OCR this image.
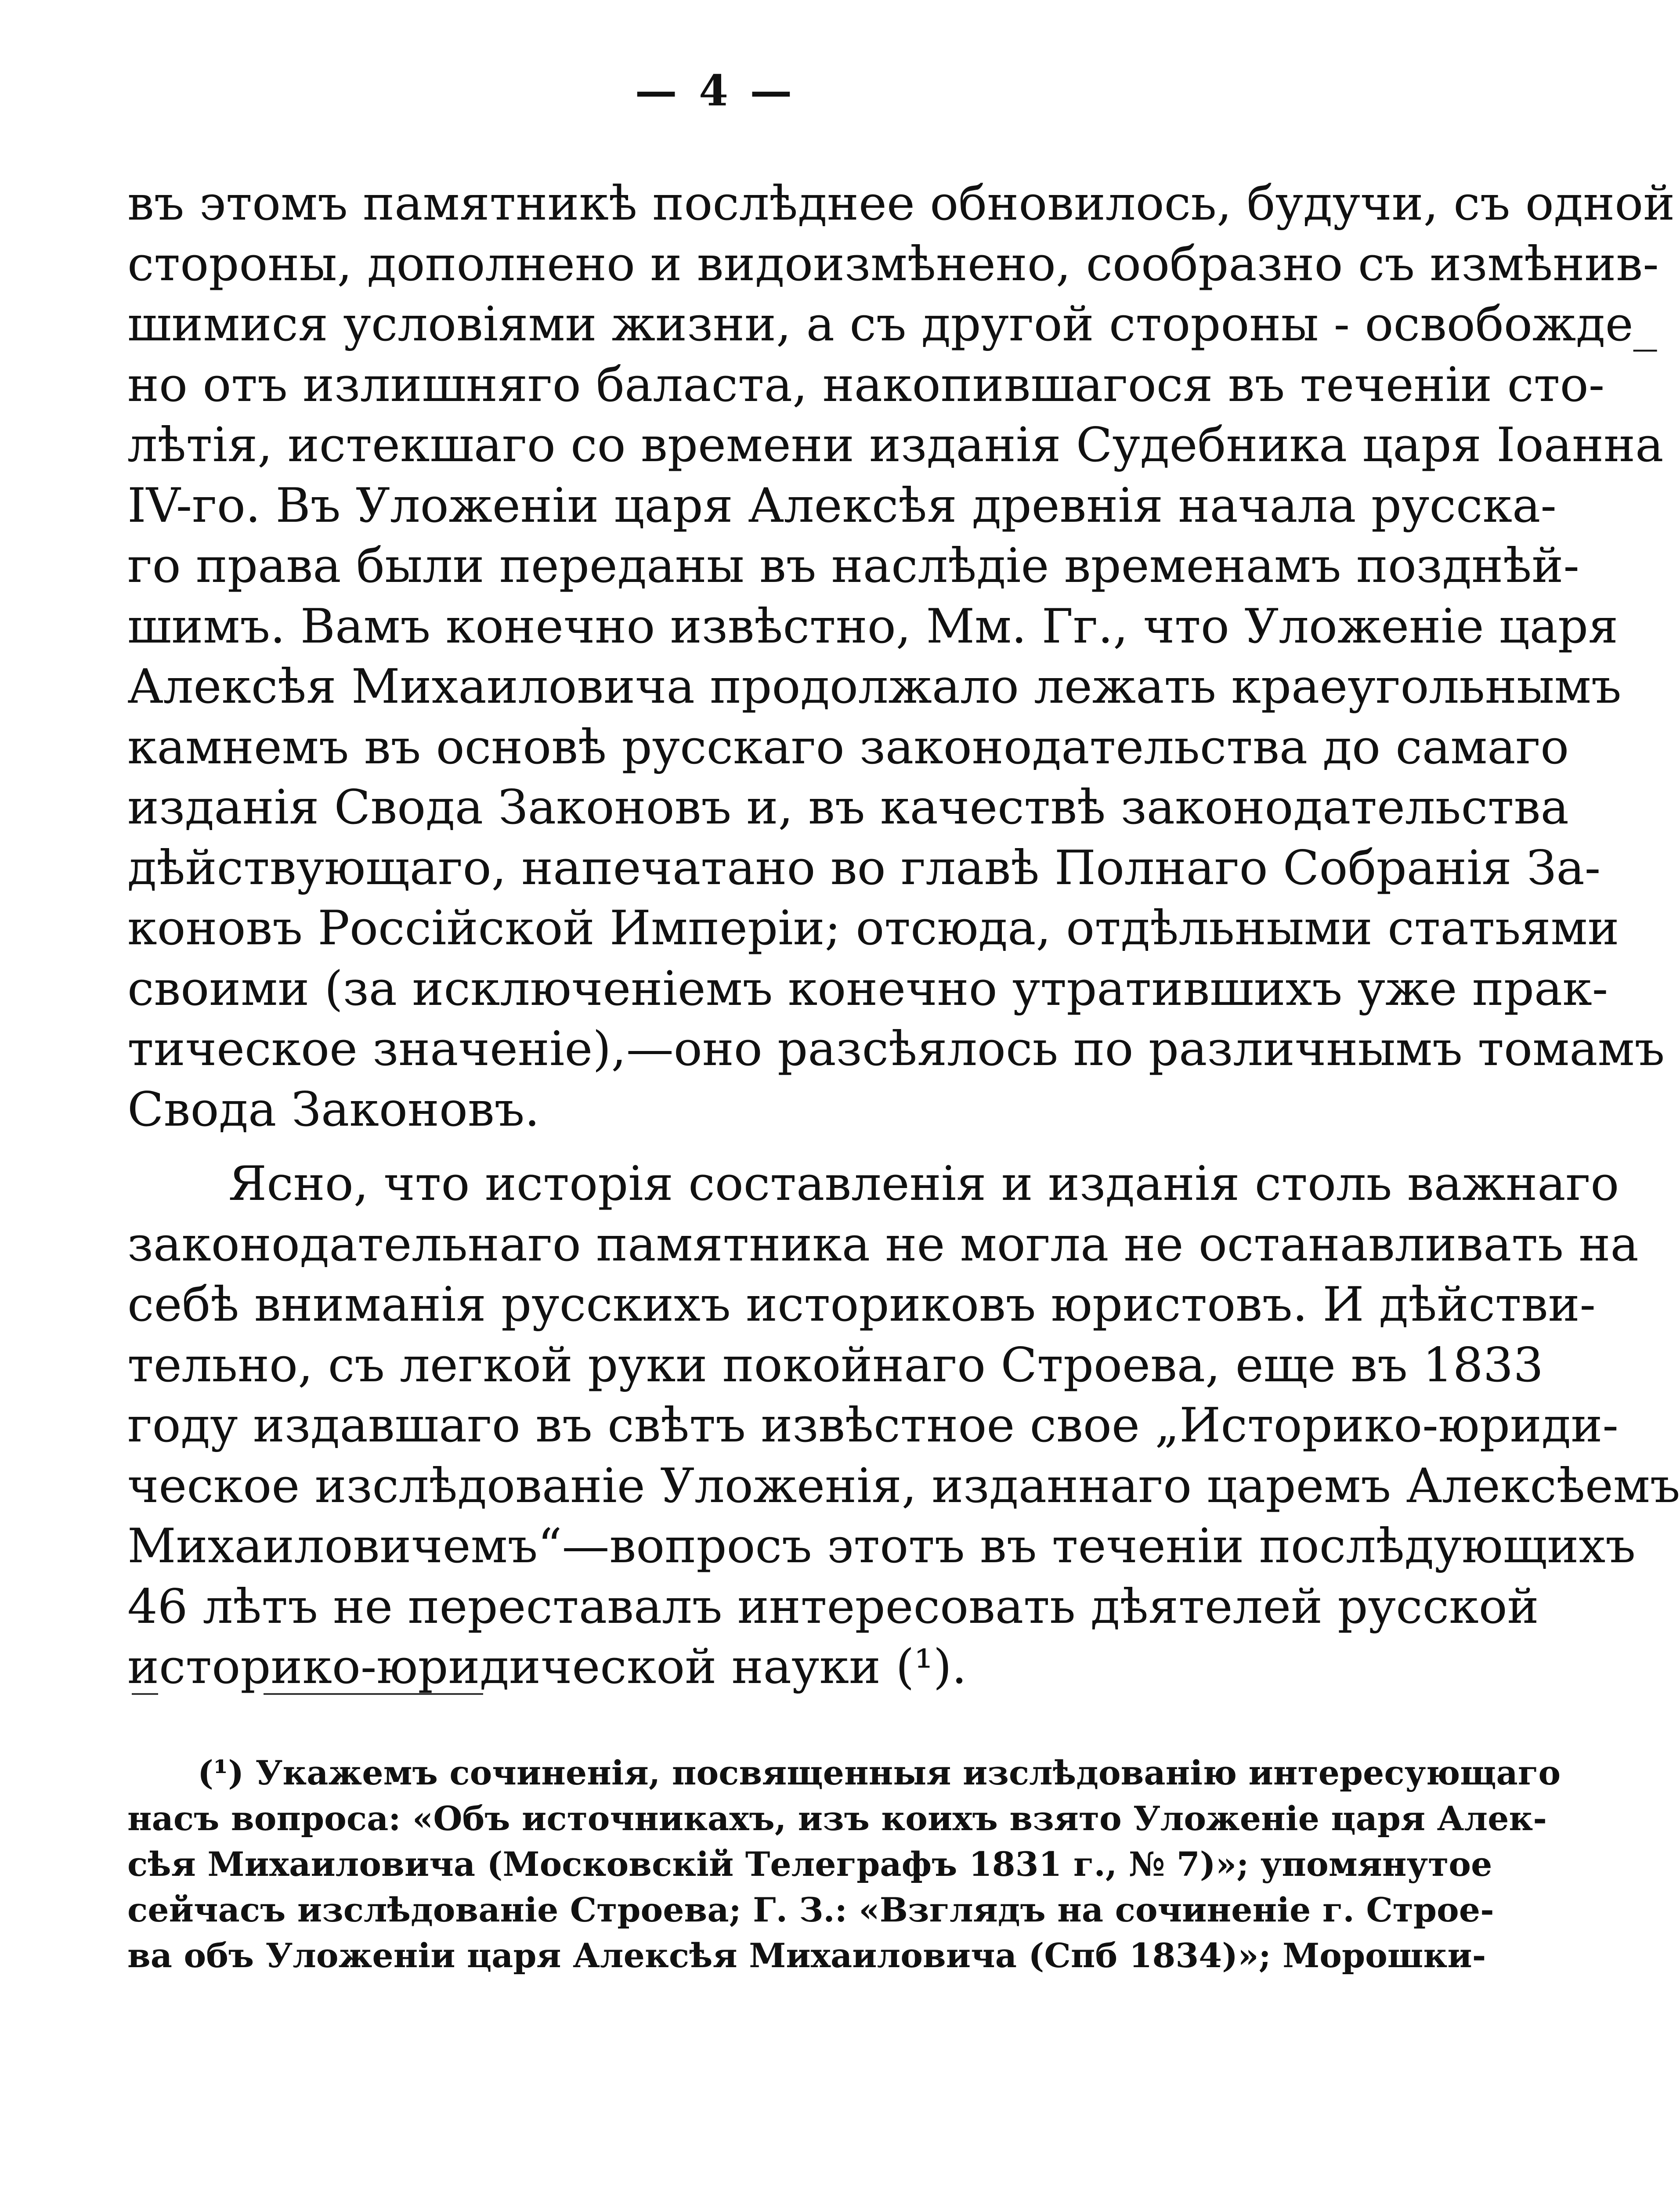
— 4 —
въ этомъ памятникѣ послѣднее обновилось, будучи, съ одной
стороны, дополнено и видоизмѣнено, сообразно съ измѣнив-
шимися условіями жизни, а съ другой стороны - освобожде_
но отъ излишняго баласта, накопившагося въ теченіи сто-
лѣтія, истекшаго со времени изданія Судебника царя Іоанна
IV-го. Въ Уложеніи царя Алексѣя древнія начала русска-
го права были переданы въ наслѣдіе временамъ позднѣй-
шимъ. Вамъ конечно извѣстно, Мм. Гг., что Уложеніе царя
Алексѣя Михаиловича продолжало лежать краеугольнымъ
камнемъ въ основѣ русскаго законодательства до самаго
изданія Свода Законовъ и, въ качествѣ законодательства
дѣйствующаго, напечатано во главѣ Полнаго Собранія За-
коновъ Россійской Имперіи; отсюда, отдѣльными статьями
своими (за исключеніемъ конечно утратившихъ уже прак-
тическое значеніе),—оно разсѣялось по различнымъ томамъ
Свода Законовъ.
Ясно, что исторія составленія и изданія столь важнаго
законодательнаго памятника не могла не останавливать на
себѣ вниманія русскихъ историковъ юристовъ. И дѣйстви-
тельно, съ легкой руки покойнаго Строева, еще въ 1833
году издавшаго въ свѣтъ извѣстное свое „Историко-юриди-
ческое изслѣдованіе Уложенія, изданнаго царемъ Алексѣемъ
Михаиловичемъ“—вопросъ этотъ въ теченіи послѣдующихъ
46 лѣтъ не переставалъ интересовать дѣятелей русской
историко-юридической науки (¹).
(¹) Укажемъ сочиненія, посвященныя изслѣдованію интересующаго
насъ вопроса: «Объ источникахъ, изъ коихъ взято Уложеніе царя Алек-
сѣя Михаиловича (Московскій Телеграфъ 1831 г., № 7)»; упомянутое
сейчасъ изслѣдованіе Строева; Г. З.: «Взглядъ на сочиненіе г. Строе-
ва объ Уложеніи царя Алексѣя Михаиловича (Спб 1834)»; Морошки-
